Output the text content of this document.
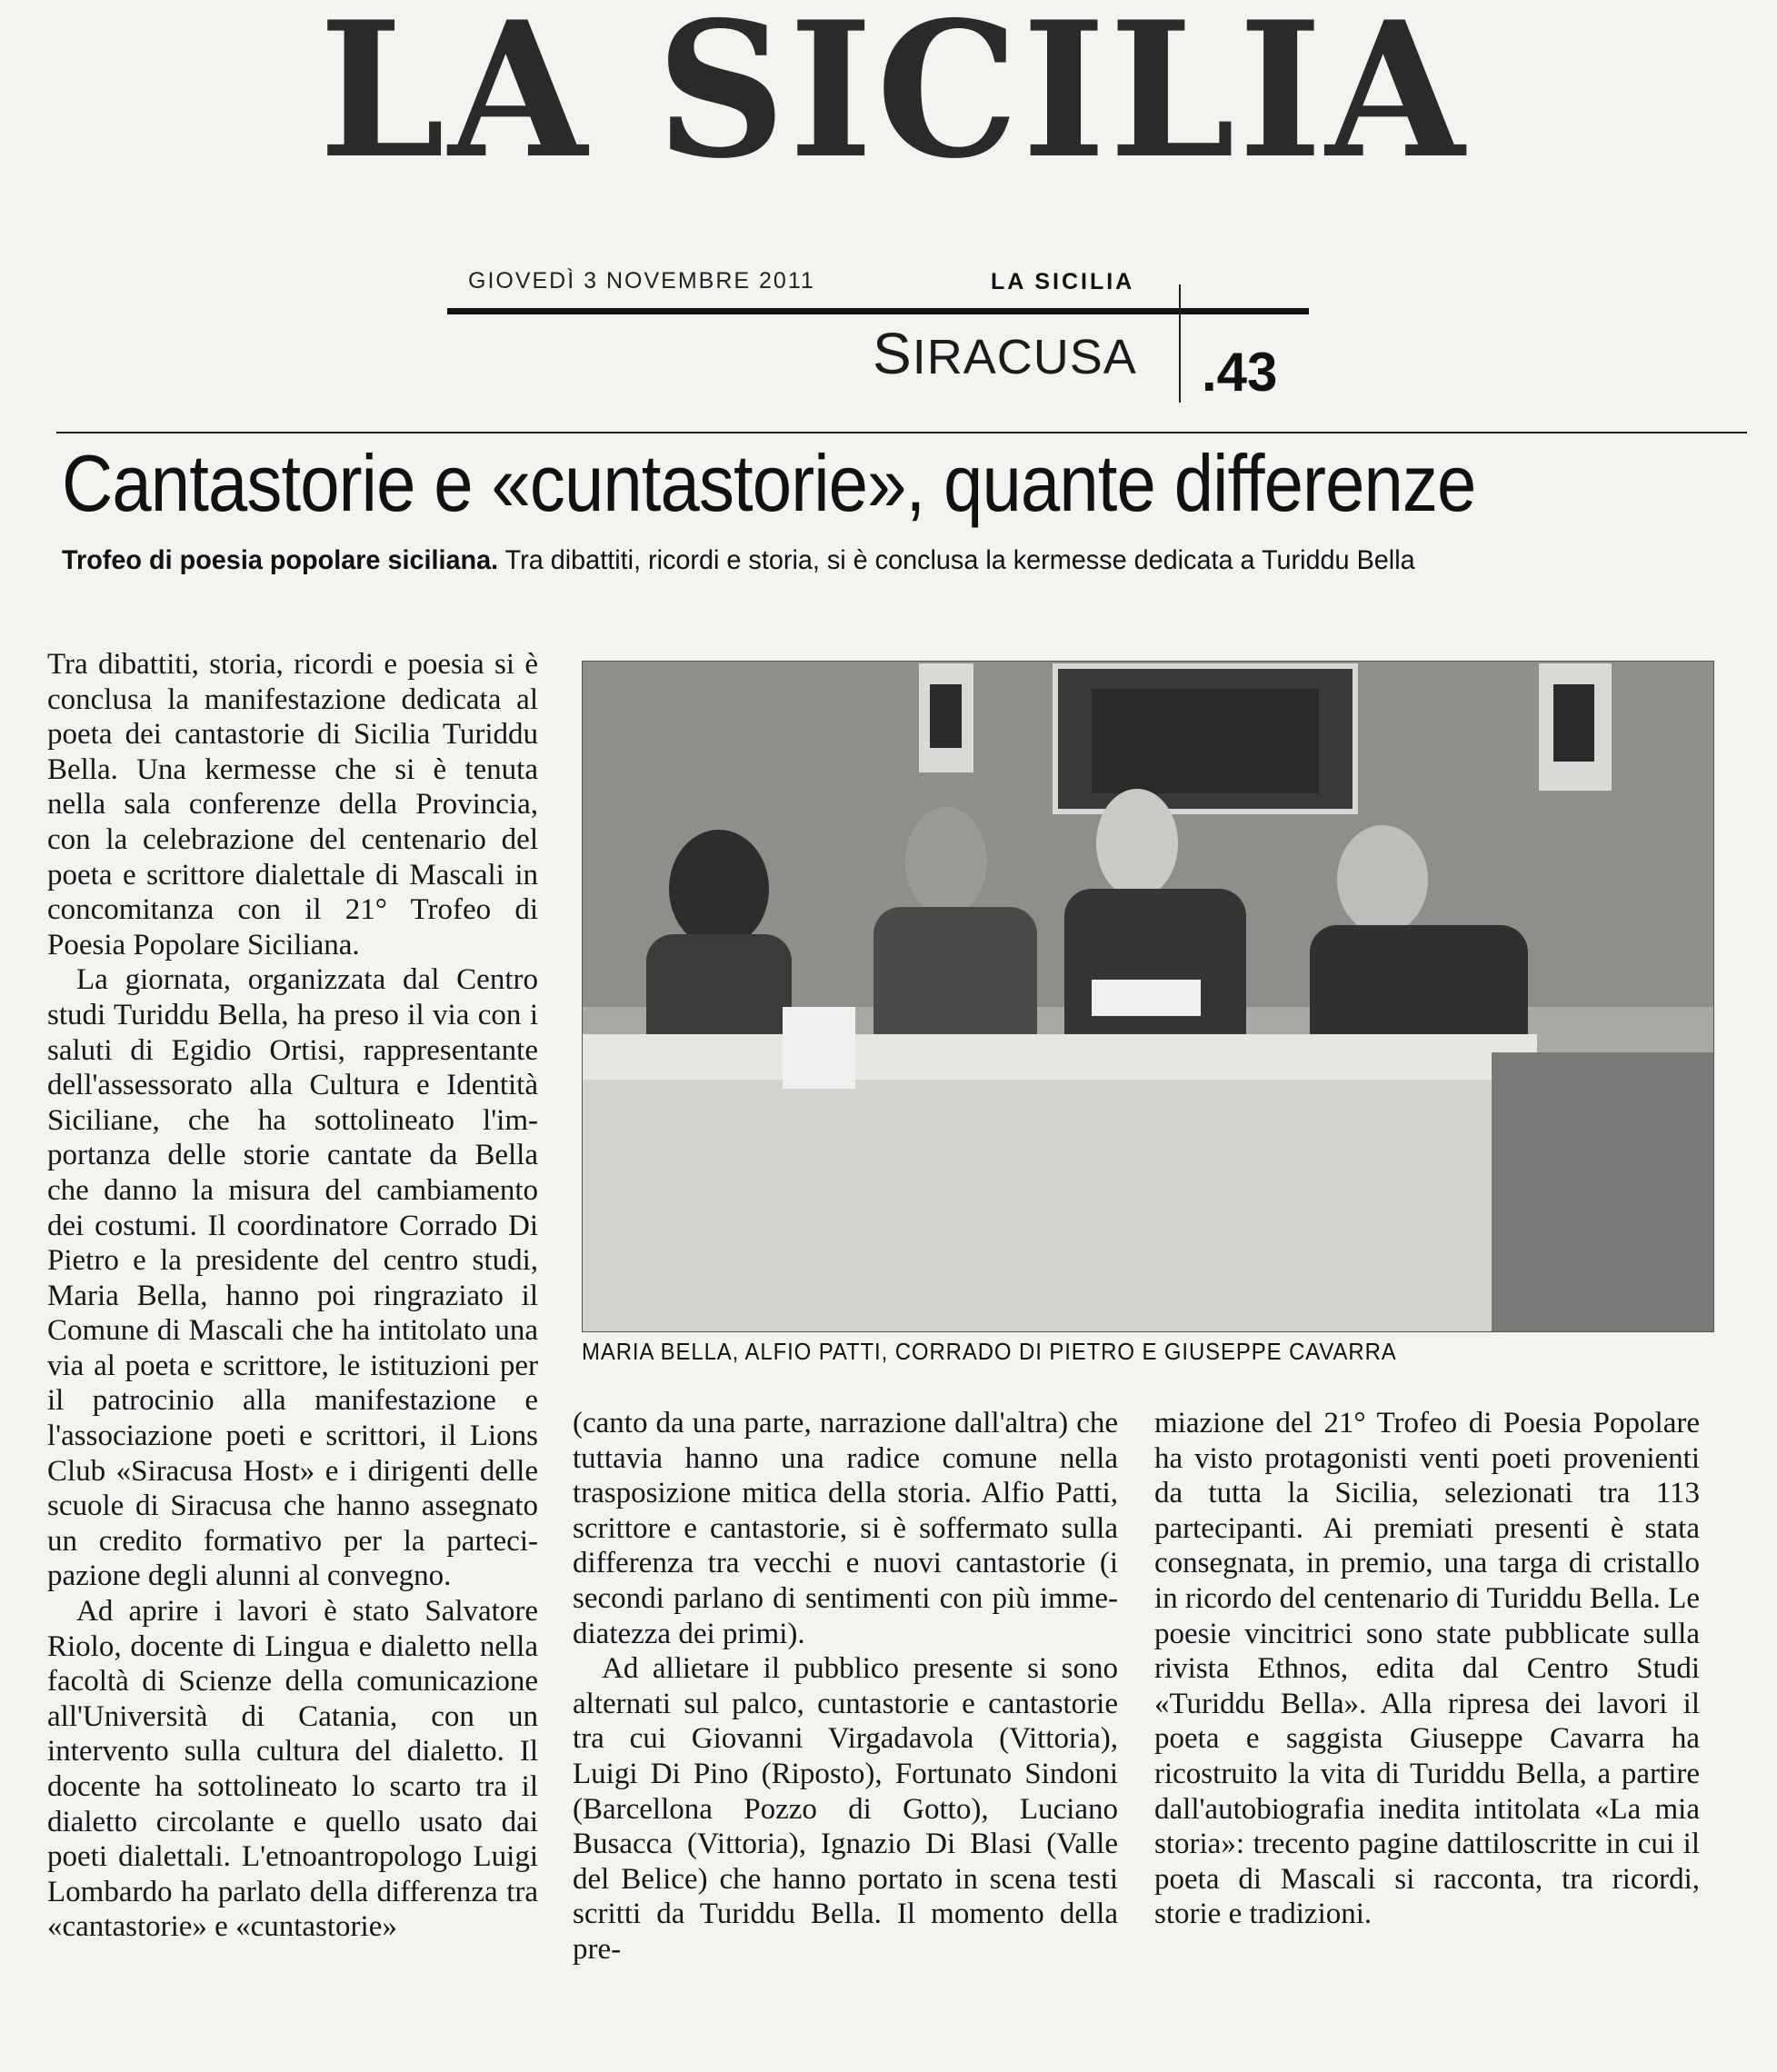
LA SICILIA
GIOVEDÌ 3 NOVEMBRE 2011	LA SICILIA
SIRACUSA .43
Cantastorie e «cuntastorie», quante differenze
Trofeo di poesia popolare siciliana. Tra dibattiti, ricordi e storia, si è conclusa la kermesse dedicata a Turiddu Bella

Tra dibattiti, storia, ricordi e poesia si è conclusa la manifestazione dedicata al poeta dei cantastorie di Sicilia Turiddu Bella. Una kermesse che si è tenuta nella sala conferenze della Provincia, con la celebrazione del centenario del poeta e scrittore dialettale di Mascali in concomitanza con il 21° Trofeo di Poesia Popolare Siciliana.

La giornata, organizzata dal Centro studi Turiddu Bella, ha preso il via con i saluti di Egidio Ortisi, rappresentante dell'assessorato alla Cultura e Identità Siciliane, che ha sottolineato l'importanza delle storie cantate da Bella che danno la misura del cambiamento dei costumi. Il coordinatore Corrado Di Pietro e la presidente del centro studi, Maria Bella, hanno poi ringraziato il Comune di Mascali che ha intitolato una via al poeta e scrittore, le istituzioni per il patrocinio alla manifestazione e l'associazione poeti e scrittori, il Lions Club «Siracusa Host» e i dirigenti delle scuole di Siracusa che hanno assegnato un credito formativo per la partecipazione degli alunni al convegno.

Ad aprire i lavori è stato Salvatore Riolo, docente di Lingua e dialetto nella facoltà di Scienze della comunicazione all'Università di Catania, con un intervento sulla cultura del dialetto. Il docente ha sottolineato lo scarto tra il dialetto circolante e quello usato dai poeti dialettali. L'etnoantropologo Luigi Lombardo ha parlato della differenza tra «cantastorie» e «cuntastorie»

MARIA BELLA, ALFIO PATTI, CORRADO DI PIETRO E GIUSEPPE CAVARRA

(canto da una parte, narrazione dall'altra) che tuttavia hanno una radice comune nella trasposizione mitica della storia. Alfio Patti, scrittore e cantastorie, si è soffermato sulla differenza tra vecchi e nuovi cantastorie (i secondi parlano di sentimenti con più immediatezza dei primi).

Ad allietare il pubblico presente si sono alternati sul palco, cuntastorie e cantastorie tra cui Giovanni Virgadavola (Vittoria), Luigi Di Pino (Riposto), Fortunato Sindoni (Barcellona Pozzo di Gotto), Luciano Busacca (Vittoria), Ignazio Di Blasi (Valle del Belice) che hanno portato in scena testi scritti da Turiddu Bella. Il momento della pre-

miazione del 21° Trofeo di Poesia Popolare ha visto protagonisti venti poeti provenienti da tutta la Sicilia, selezionati tra 113 partecipanti. Ai premiati presenti è stata consegnata, in premio, una targa di cristallo in ricordo del centenario di Turiddu Bella. Le poesie vincitrici sono state pubblicate sulla rivista Ethnos, edita dal Centro Studi «Turiddu Bella». Alla ripresa dei lavori il poeta e saggista Giuseppe Cavarra ha ricostruito la vita di Turiddu Bella, a partire dall'autobiografia inedita intitolata «La mia storia»: trecento pagine dattiloscritte in cui il poeta di Mascali si racconta, tra ricordi, storie e tradizioni.
